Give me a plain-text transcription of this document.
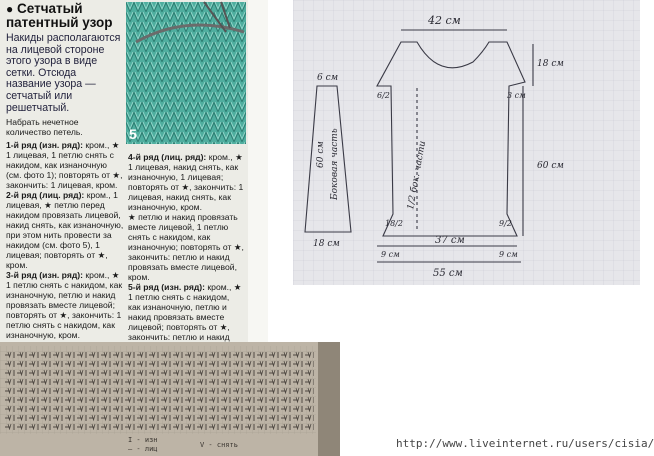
● Сетчатый патентный узор
Накиды располагаются на лицевой стороне этого узора в виде сетки. Отсюда название узора — сетчатый или решетчатый.
Набрать нечетное количество петель.
1-й ряд (изн. ряд): кром., ★ 1 лицевая, 1 петлю снять с накидом, как изнаночную (см. фото 1); повторять от ★, закончить: 1 лицевая, кром.
2-й ряд (лиц. ряд): кром., 1 лицевая, ★ петлю перед накидом провязать лицевой, накид снять, как изнаночную, при этом нить провести за накидом (см. фото 5), 1 лицевая; повторять от ★, кром.
3-й ряд (изн. ряд): кром., ★ 1 петлю снять с накидом, как изнаночную, петлю и накид провязать вместе лицевой; повторять от ★, закончить: 1 петлю снять с накидом, как изнаночную, кром.
4-й ряд (лиц. ряд): кром., ★ 1 лицевая, накид снять, как изнаночную, 1 лицевая; повторять от ★, закончить: 1 лицевая, накид снять, как изнаночную, кром.
★ петлю и накид провязать вместе лицевой, 1 петлю снять с накидом, как изнаночную; повторять от ★, закончить: петлю и накид провязать вместе лицевой, кром.
5-й ряд (изн. ряд): кром., ★ 1 петлю снять с накидом, как изнаночную, петлю и накид провязать вместе лицевой; повторять от ★, закончить: петлю и накид
5
42 см
18 см
6 см
60 см Боковая часть
18 см
6/2	3 см
60 см
1/2 бок. части
18/2
37 см
9/2
9 см	9 см
55 см
I - изн
— - лиц	V - снять	http://www.liveinternet.ru/users/cisia/
